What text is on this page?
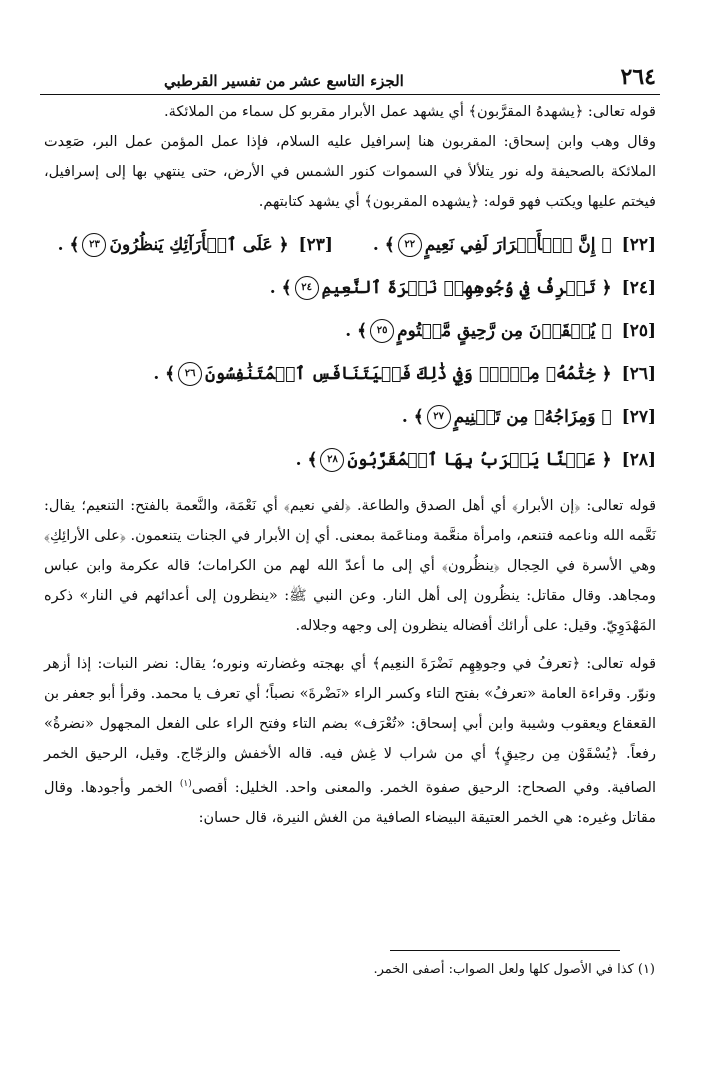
٢٦٤
الجزء التاسع عشر من تفسير القرطبي

قوله تعالى: ﴿يشهدهُ المقرَّبون﴾ أي يشهد عمل الأبرار مقربو كل سماء من الملائكة.

وقال وهب وابن إسحاق: المقربون هنا إسرافيل عليه السلام، فإذا عمل المؤمن عمل البر، صَعِدت الملائكة بالصحيفة وله نور يتلألأ في السموات كنور الشمس في الأرض، حتى ينتهي بها إلى إسرافيل، فيختم عليها ويكتب فهو قوله: ﴿يشهده المقربون﴾ أي يشهد كتابتهم.

[٢٢]
﴿ إِنَّ ٱلۡأَبۡرَارَ لَفِي نَعِيمٍ
٢٢
﴾ .
[٢٣]
﴿ عَلَى ٱلۡأَرَآئِكِ يَنظُرُونَ
٢٣
﴾ .
[٢٤]
﴿ تَعۡرِفُ فِي وُجُوهِهِمۡ نَضۡرَةَ ٱلنَّعِيمِ
٢٤
﴾ .
[٢٥]
﴿ يُسۡقَوۡنَ مِن رَّحِيقٍ مَّخۡتُومٍ
٢٥
﴾ .
[٢٦]
﴿ خِتَٰمُهُۥ مِسۡكٌۚ وَفِي ذَٰلِكَ فَلۡيَتَنَافَسِ ٱلۡمُتَنَٰفِسُونَ
٢٦
﴾ .
[٢٧]
﴿ وَمِزَاجُهُۥ مِن تَسۡنِيمٍ
٢٧
﴾ .
[٢٨]
﴿ عَيۡنًا يَشۡرَبُ بِهَا ٱلۡمُقَرَّبُونَ
٢٨
﴾ .

قوله تعالى: ﴿إن الأبرار﴾ أي أهل الصدق والطاعة. ﴿لفي نعيم﴾ أي نَعْمَة، والنَّعمة بالفتح: التنعيم؛ يقال: نَعَّمه الله وناعمه فتنعم، وامرأة منعَّمة ومناعَمة بمعنى. أي إن الأبرار في الجنات يتنعمون. ﴿على الأرائِكِ﴾ وهي الأسرة في الحِجال ﴿ينظُرون﴾ أي إلى ما أعدّ الله لهم من الكرامات؛ قاله عكرمة وابن عباس ومجاهد. وقال مقاتل: ينظُرون إلى أهل النار. وعن النبي ﷺ: «ينظرون إلى أعدائهم في النار» ذكره المَهْدَوِيّ. وقيل: على أرائك أفضاله ينظرون إلى وجهه وجلاله.

قوله تعالى: ﴿تعرفُ في وجوهِهِم نَضْرَةَ النعِيم﴾ أي بهجته وغضارته ونوره؛ يقال: نضر النبات: إذا أزهر ونوّر. وقراءة العامة «تعرفُ» بفتح التاء وكسر الراء «نَضْرةَ» نصباً؛ أي تعرف يا محمد. وقرأ أبو جعفر بن القعقاع ويعقوب وشيبة وابن أبي إسحاق: «تُعْرَف» بضم التاء وفتح الراء على الفعل المجهول «نضرةُ» رفعاً. ﴿يُسْقَوْن مِن رحِيقٍ﴾ أي من شراب لا غِش فيه. قاله الأخفش والزجّاج. وقيل، الرحيق الخمر الصافية. وفي الصحاح: الرحيق صفوة الخمر. والمعنى واحد. الخليل: أقصى$^{(١)}$ الخمر وأجودها. وقال مقاتل وغيره: هي الخمر العتيقة البيضاء الصافية من الغش النيرة، قال حسان:

(١) كذا في الأصول كلها ولعل الصواب: أصفى الخمر.
